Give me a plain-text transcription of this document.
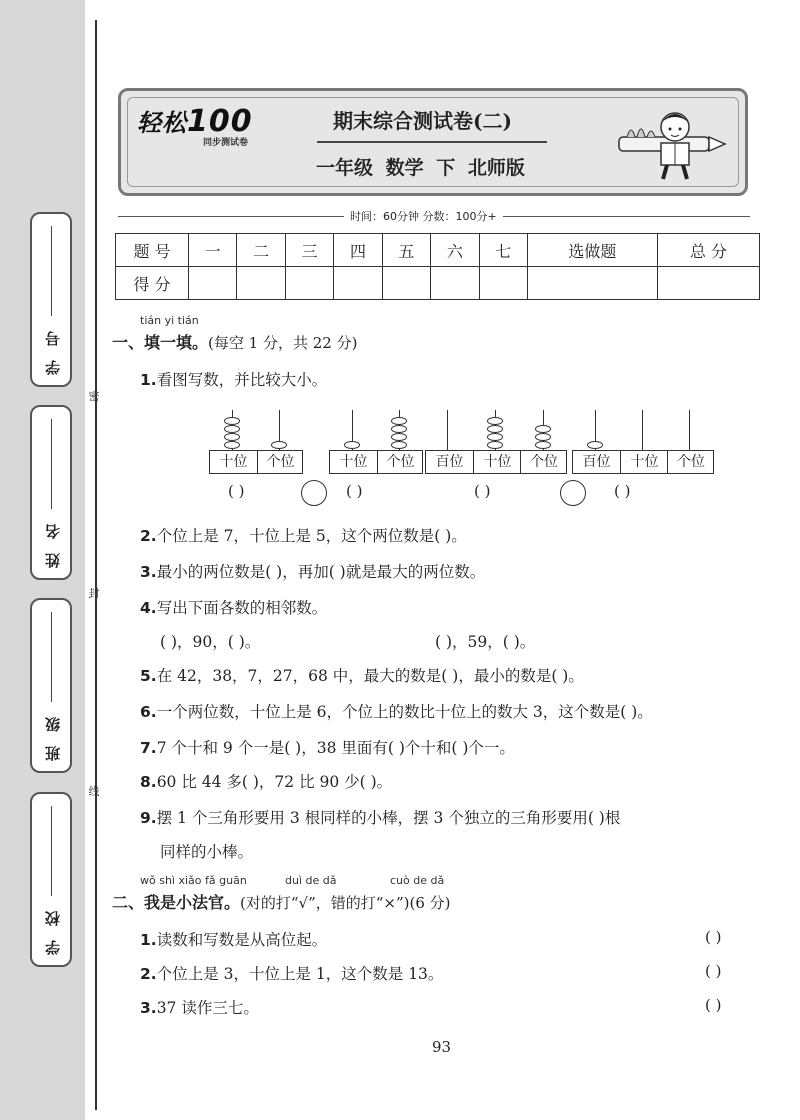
学号
姓名
班级
学校
密
封
线
轻松100
同步测试卷
期末综合测试卷(二)
一年级 数学 下 北师版
时间：60分钟 分数：100分+
题 号	一	二	三	四	五	六	七	选做题	总 分
得 分									
tián yi tián
一、填一填。(每空 1 分，共 22 分)
1.看图写数，并比较大小。
十位	个位	十位	个位	百位	十位	个位	百位	十位	个位
( )	( )	( )	( )
2.个位上是 7，十位上是 5，这个两位数是( )。
3.最小的两位数是( )，再加( )就是最大的两位数。
4.写出下面各数的相邻数。
( )，90，( )。	( )，59，( )。
5.在 42，38，7，27，68 中，最大的数是( )，最小的数是( )。
6.一个两位数，十位上是 6，个位上的数比十位上的数大 3，这个数是( )。
7.7 个十和 9 个一是( )，38 里面有( )个十和( )个一。
8.60 比 44 多( )，72 比 90 少( )。
9.摆 1 个三角形要用 3 根同样的小棒，摆 3 个独立的三角形要用( )根
同样的小棒。
wǒ shì xiǎo fǎ guān	duì de dǎ	cuò de dǎ
二、我是小法官。(对的打“√”，错的打“×”)(6 分)
1.读数和写数是从高位起。	( )
2.个位上是 3，十位上是 1，这个数是 13。	( )
3.37 读作三七。	( )
93
